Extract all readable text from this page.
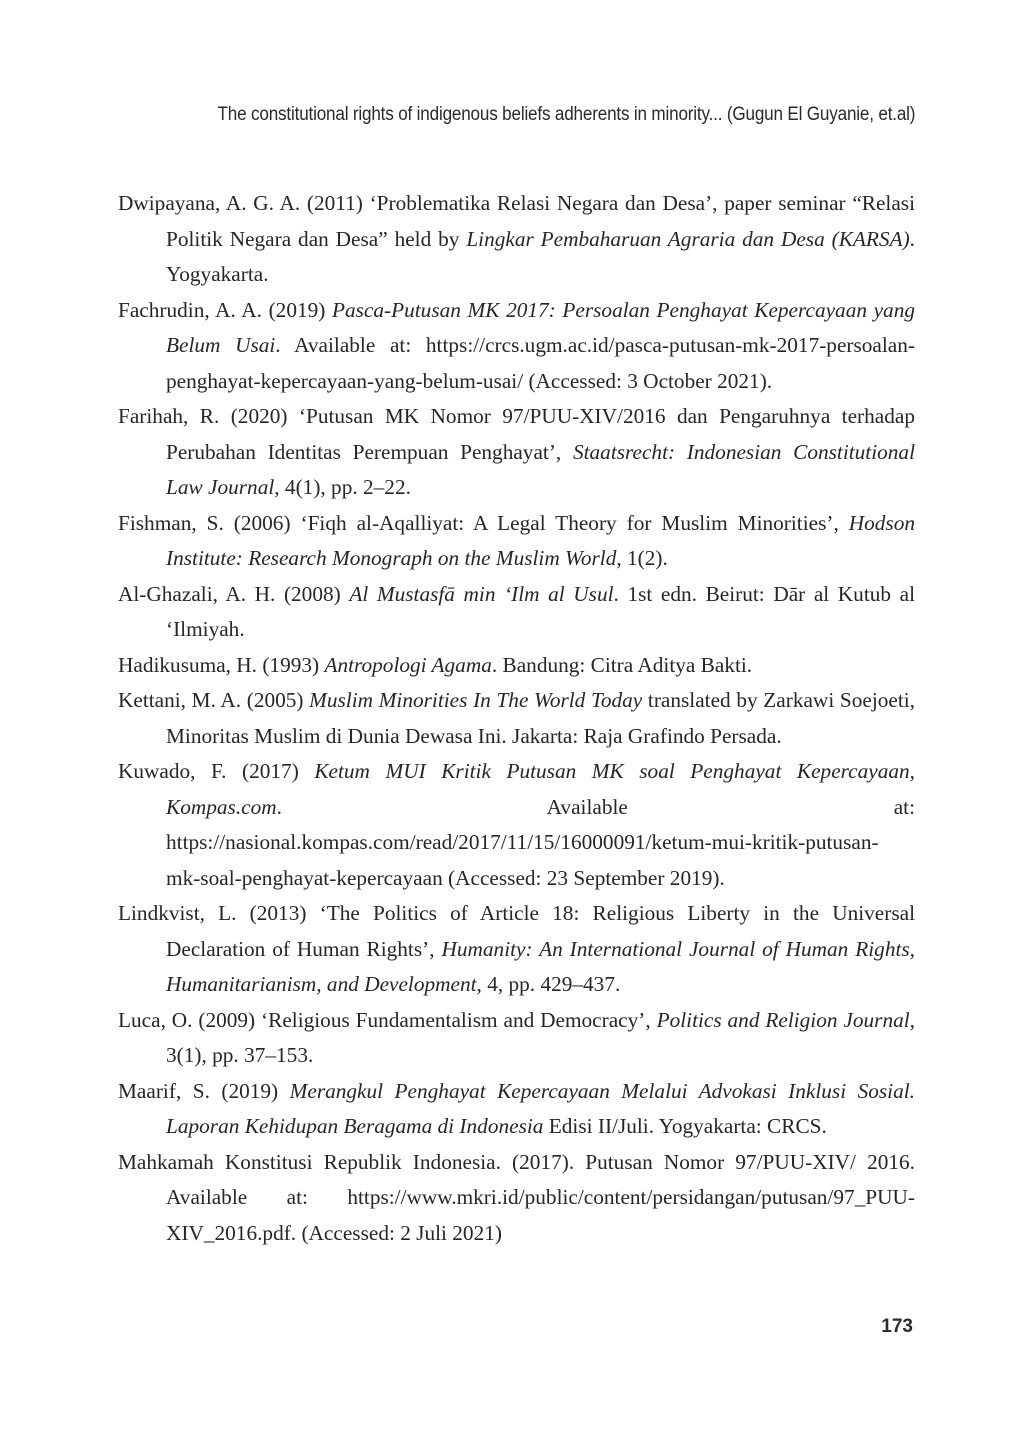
The constitutional rights of indigenous beliefs adherents in minority... (Gugun El Guyanie, et.al)

Dwipayana, A. G. A. (2011) ‘Problematika Relasi Negara dan Desa’, paper seminar “Relasi Politik Negara dan Desa” held by Lingkar Pembaharuan Agraria dan Desa (KARSA). Yogyakarta.

Fachrudin, A. A. (2019) Pasca-Putusan MK 2017: Persoalan Penghayat Kepercayaan yang Belum Usai. Available at: https://crcs.ugm.ac.id/pasca-putusan-mk-2017-persoalan-penghayat-kepercayaan-yang-belum-usai/ (Accessed: 3 October 2021).

Farihah, R. (2020) ‘Putusan MK Nomor 97/PUU-XIV/2016 dan Pengaruhnya terhadap Perubahan Identitas Perempuan Penghayat’, Staatsrecht: Indonesian Constitutional Law Journal, 4(1), pp. 2–22.

Fishman, S. (2006) ‘Fiqh al-Aqalliyat: A Legal Theory for Muslim Minorities’, Hodson Institute: Research Monograph on the Muslim World, 1(2).

Al-Ghazali, A. H. (2008) Al Mustasfā min ‘Ilm al Usul. 1st edn. Beirut: Dār al Kutub al ‘Ilmiyah.

Hadikusuma, H. (1993) Antropologi Agama. Bandung: Citra Aditya Bakti.

Kettani, M. A. (2005) Muslim Minorities In The World Today translated by Zarkawi Soejoeti, Minoritas Muslim di Dunia Dewasa Ini. Jakarta: Raja Grafindo Persada.

Kuwado, F. (2017) Ketum MUI Kritik Putusan MK soal Penghayat Kepercayaan, Kompas.com. Available at: https://nasional.kompas.com/read/2017/11/15/16000091/ketum-mui-kritik-putusan- mk-soal-penghayat-kepercayaan (Accessed: 23 September 2019).

Lindkvist, L. (2013) ‘The Politics of Article 18: Religious Liberty in the Universal Declaration of Human Rights’, Humanity: An International Journal of Human Rights, Humanitarianism, and Development, 4, pp. 429–437.

Luca, O. (2009) ‘Religious Fundamentalism and Democracy’, Politics and Religion Journal, 3(1), pp. 37–153.

Maarif, S. (2019) Merangkul Penghayat Kepercayaan Melalui Advokasi Inklusi Sosial. Laporan Kehidupan Beragama di Indonesia Edisi II/Juli. Yogyakarta: CRCS.

Mahkamah Konstitusi Republik Indonesia. (2017). Putusan Nomor 97/PUU-XIV/ 2016. Available at: https://www.mkri.id/public/content/persidangan/putusan/97_PUU-XIV_2016.pdf. (Accessed: 2 Juli 2021)

173
